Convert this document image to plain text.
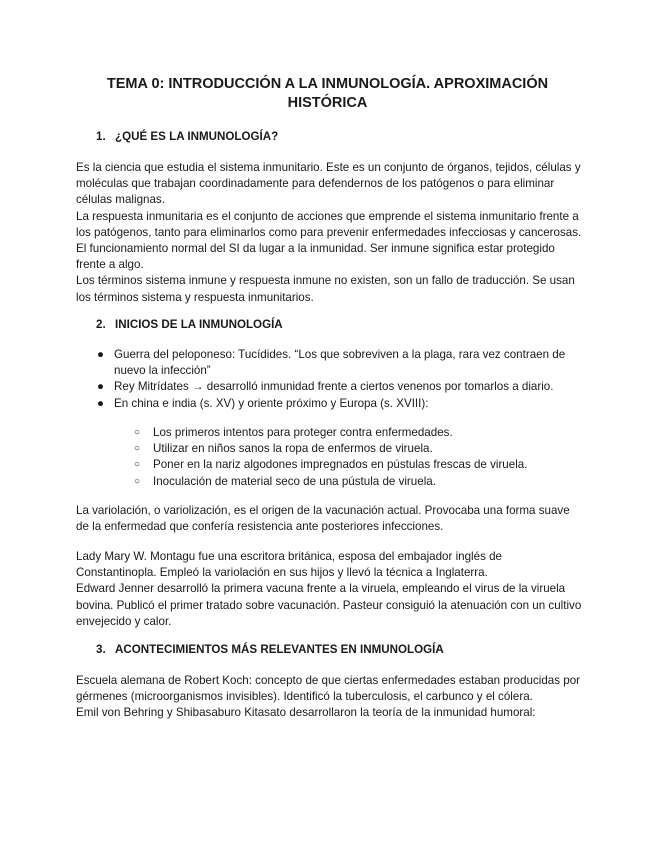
TEMA 0: INTRODUCCIÓN A LA INMUNOLOGÍA. APROXIMACIÓN HISTÓRICA
1. ¿QUÉ ES LA INMUNOLOGÍA?

Es la ciencia que estudia el sistema inmunitario. Este es un conjunto de órganos, tejidos, células y moléculas que trabajan coordinadamente para defendernos de los patógenos o para eliminar células malignas.

La respuesta inmunitaria es el conjunto de acciones que emprende el sistema inmunitario frente a los patógenos, tanto para eliminarlos como para prevenir enfermedades infecciosas y cancerosas. El funcionamiento normal del SI da lugar a la inmunidad. Ser inmune significa estar protegido frente a algo.

Los términos sistema inmune y respuesta inmune no existen, son un fallo de traducción. Se usan los términos sistema y respuesta inmunitarios.

2. INICIOS DE LA INMUNOLOGÍA
● Guerra del peloponeso: Tucídides. “Los que sobreviven a la plaga, rara vez contraen de nuevo la infección”
● Rey Mitrídates → desarrolló inmunidad frente a ciertos venenos por tomarlos a diario.
● En china e india (s. XV) y oriente próximo y Europa (s. XVIII):
○ Los primeros intentos para proteger contra enfermedades.
○ Utilizar en niños sanos la ropa de enfermos de viruela.
○ Poner en la nariz algodones impregnados en pústulas frescas de viruela.
○ Inoculación de material seco de una pústula de viruela.

La variolación, o variolización, es el origen de la vacunación actual. Provocaba una forma suave de la enfermedad que confería resistencia ante posteriores infecciones.

Lady Mary W. Montagu fue una escritora británica, esposa del embajador inglés de Constantinopla. Empleó la variolación en sus hijos y llevó la técnica a Inglaterra.

Edward Jenner desarrolló la primera vacuna frente a la viruela, empleando el virus de la viruela bovina. Publicó el primer tratado sobre vacunación. Pasteur consiguió la atenuación con un cultivo envejecido y calor.

3. ACONTECIMIENTOS MÁS RELEVANTES EN INMUNOLOGÍA

Escuela alemana de Robert Koch: concepto de que ciertas enfermedades estaban producidas por gérmenes (microorganismos invisibles). Identificó la tuberculosis, el carbunco y el cólera.

Emil von Behring y Shibasaburo Kitasato desarrollaron la teoría de la inmunidad humoral:
